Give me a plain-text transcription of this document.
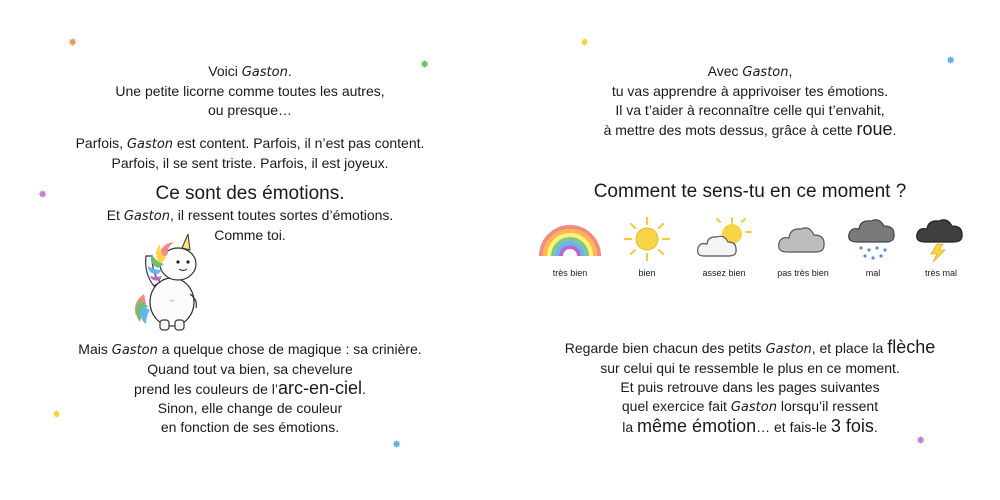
Voici Gaston.

Une petite licorne comme toutes les autres,

ou presque…

Parfois, Gaston est content. Parfois, il n’est pas content.

Parfois, il se sent triste. Parfois, il est joyeux.

Ce sont des émotions.

Et Gaston, il ressent toutes sortes d’émotions.

Comme toi.

Mais Gaston a quelque chose de magique : sa crinière.

Quand tout va bien, sa chevelure

prend les couleurs de l’arc-en-ciel.

Sinon, elle change de couleur

en fonction de ses émotions.

✸
✸
✸
✸
✸

Avec Gaston,

tu vas apprendre à apprivoiser tes émotions.

Il va t’aider à reconnaître celle qui t’envahit,

à mettre des mots dessus, grâce à cette roue.

Comment te sens-tu en ce moment ?

Regarde bien chacun des petits Gaston, et place la flèche

sur celui qui te ressemble le plus en ce moment.

Et puis retrouve dans les pages suivantes

quel exercice fait Gaston lorsqu’il ressent

la même émotion… et fais-le 3 fois.

✸
✸
✸
très bien	bien	assez bien	pas très bien	mal	très mal
